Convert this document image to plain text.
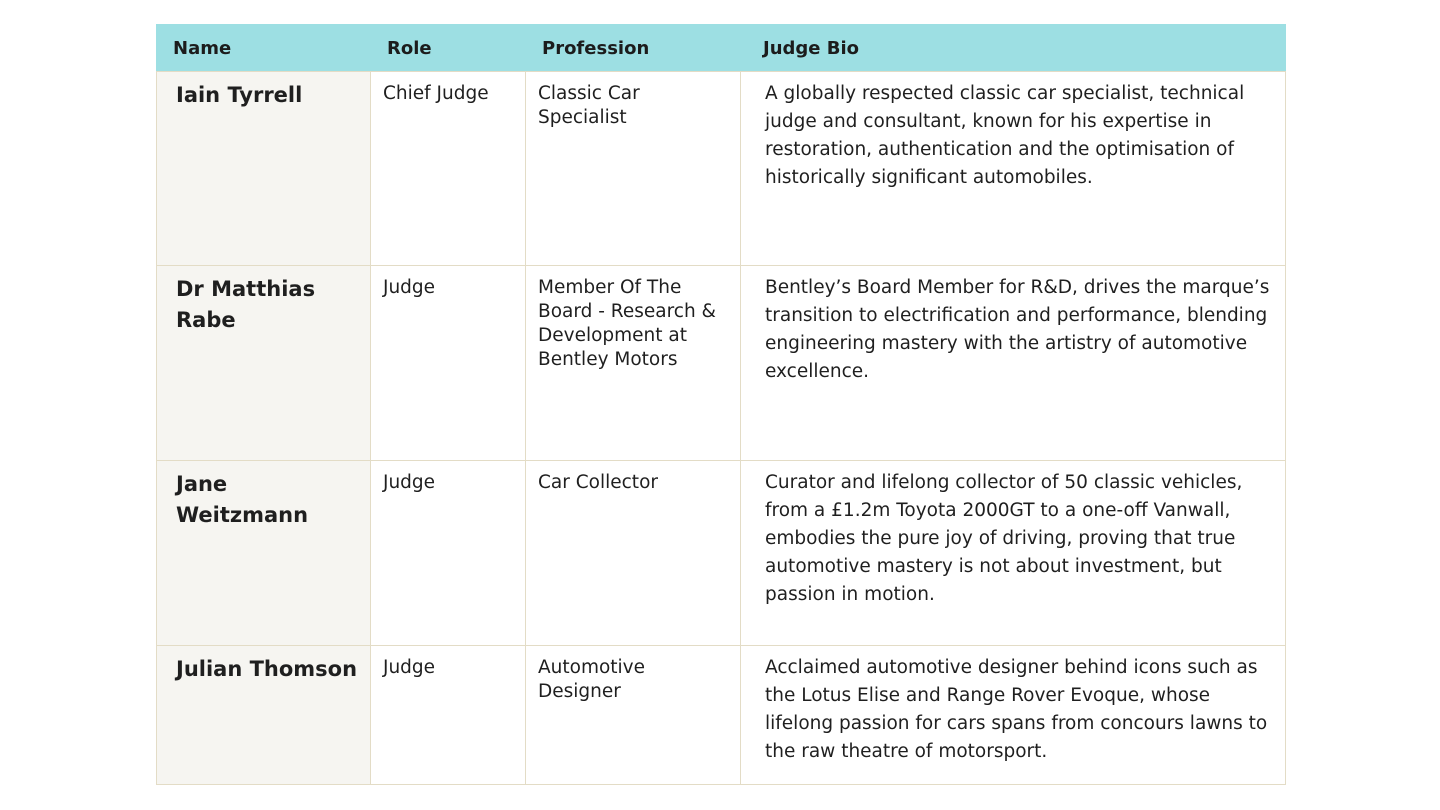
Name	Role	Profession	Judge Bio
Iain Tyrrell	Chief Judge	Classic Car Specialist	A globally respected classic car specialist, technical judge and consultant, known for his expertise in restoration, authentication and the optimisation of historically significant automobiles.
Dr Matthias Rabe	Judge	Member Of The Board - Research & Development at Bentley Motors	Bentley’s Board Member for R&D, drives the marque’s transition to electrification and performance, blending engineering mastery with the artistry of automotive excellence.
Jane Weitzmann	Judge	Car Collector	Curator and lifelong collector of 50 classic vehicles, from a £1.2m Toyota 2000GT to a one-off Vanwall, embodies the pure joy of driving, proving that true automotive mastery is not about investment, but passion in motion.
Julian Thomson	Judge	Automotive Designer	Acclaimed automotive designer behind icons such as the Lotus Elise and Range Rover Evoque, whose lifelong passion for cars spans from concours lawns to the raw theatre of motorsport.
